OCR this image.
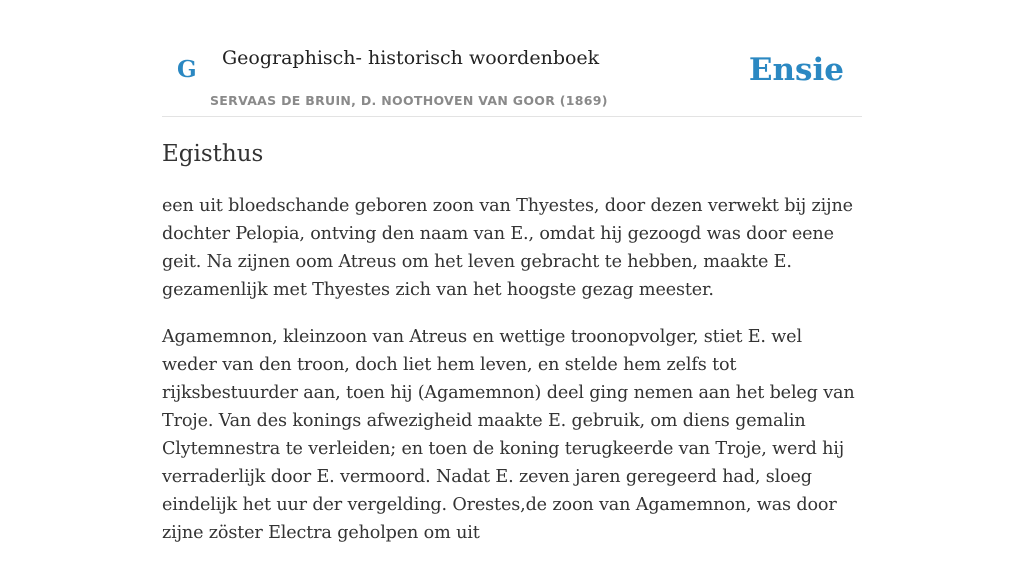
G Geographisch- historisch woordenboek
SERVAAS DE BRUIN, D. NOOTHOVEN VAN GOOR (1869)
Ensie
Egisthus

een uit bloedschande geboren zoon van Thyestes, door dezen verwekt bij zijne dochter Pelopia, ontving den naam van E., omdat hij gezoogd was door eene geit. Na zijnen oom Atreus om het leven gebracht te hebben, maakte E. gezamenlijk met Thyestes zich van het hoogste gezag meester.

Agamemnon, kleinzoon van Atreus en wettige troonopvolger, stiet E. wel weder van den troon, doch liet hem leven, en stelde hem zelfs tot rijksbestuurder aan, toen hij (Agamemnon) deel ging nemen aan het beleg van Troje. Van des konings afwezigheid maakte E. gebruik, om diens gemalin Clytemnestra te verleiden; en toen de koning terugkeerde van Troje, werd hij verraderlijk door E. vermoord. Nadat E. zeven jaren geregeerd had, sloeg eindelijk het uur der vergelding. Orestes,de zoon van Agamemnon, was door zijne zöster Electra geholpen om uit
